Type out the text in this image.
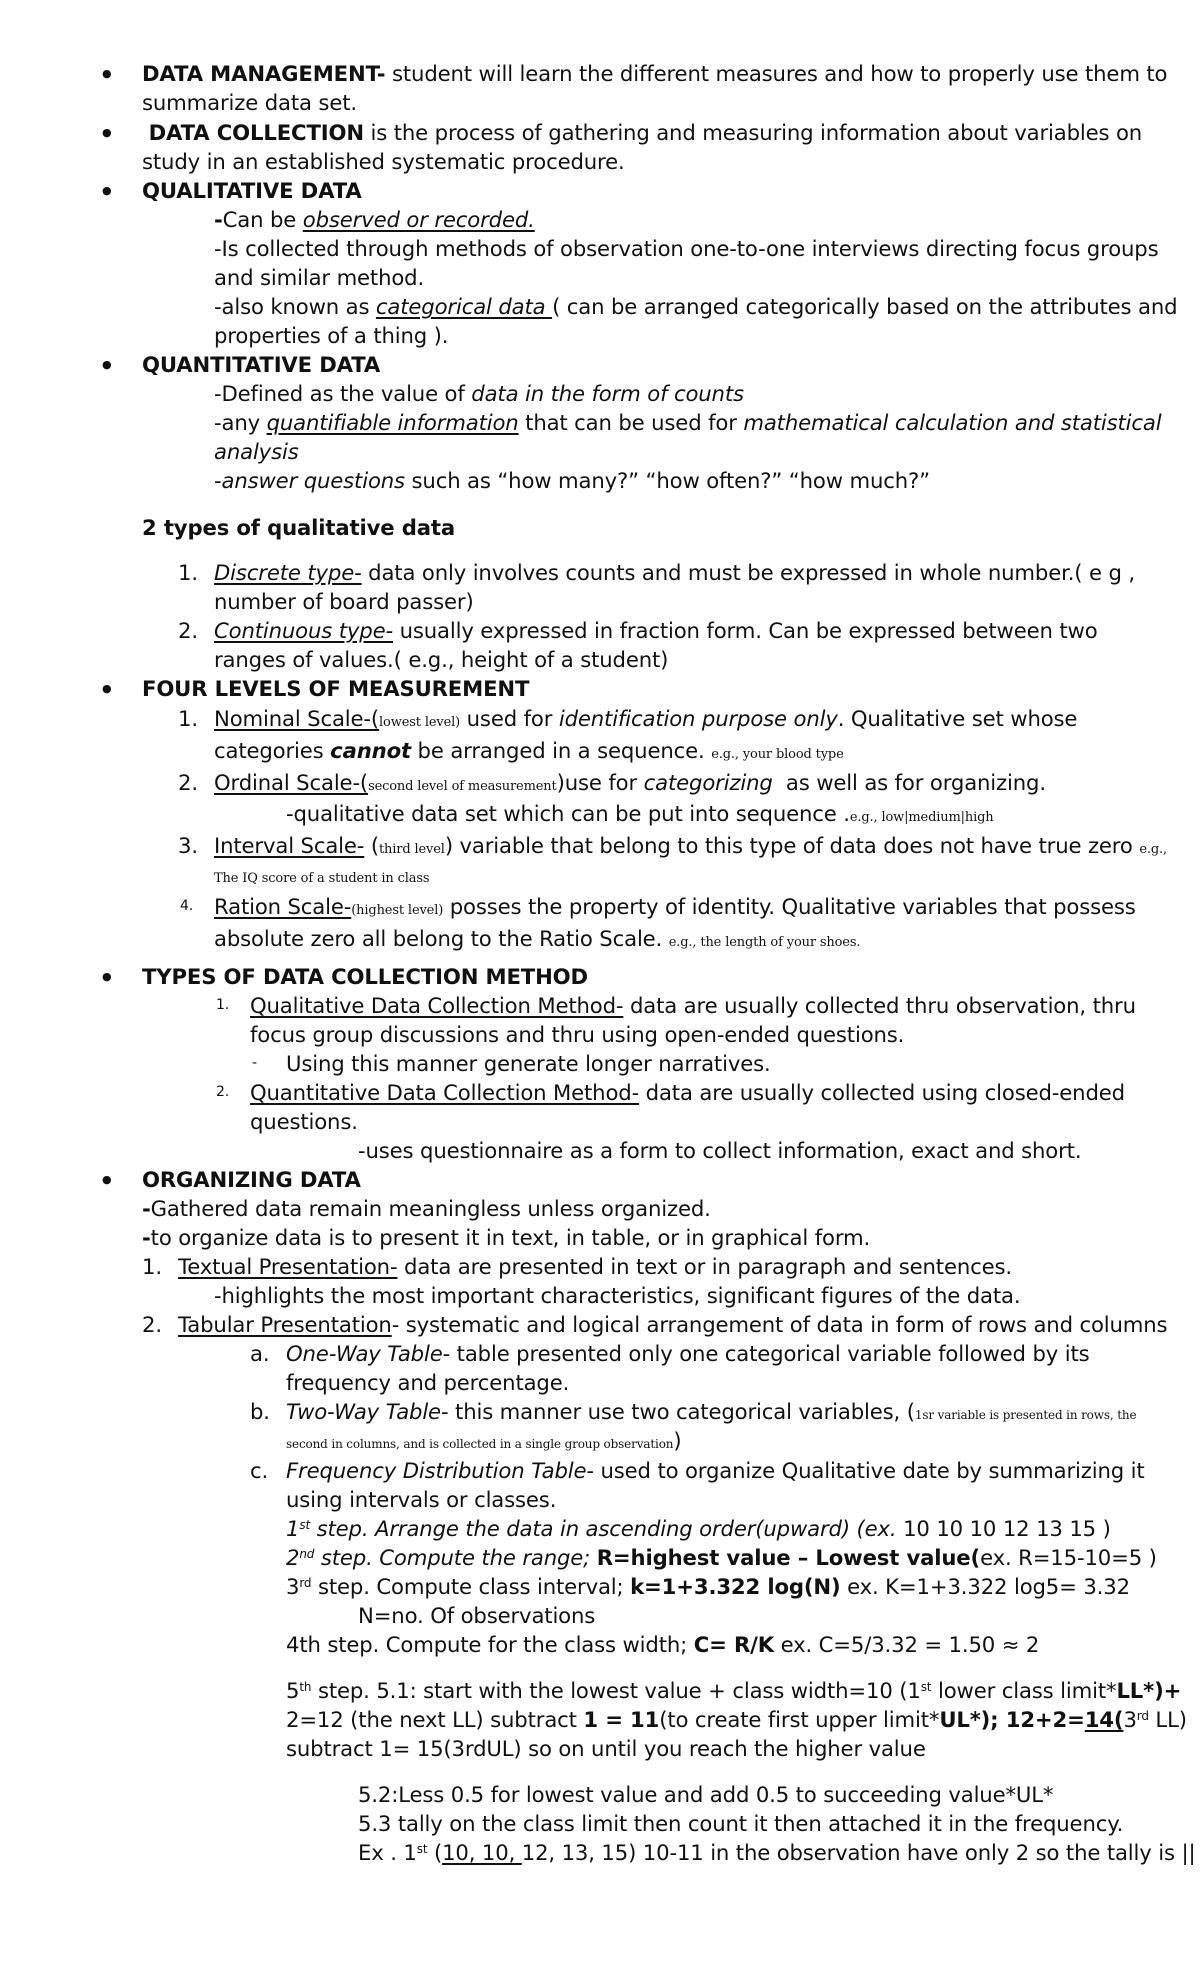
● DATA MANAGEMENT- student will learn the different measures and how to properly use them to
summarize data set.
●  DATA COLLECTION is the process of gathering and measuring information about variables on
study in an established systematic procedure.
● QUALITATIVE DATA
-Can be observed or recorded.
-Is collected through methods of observation one-to-one interviews directing focus groups
and similar method.
-also known as categorical data ( can be arranged categorically based on the attributes and
properties of a thing ).
● QUANTITATIVE DATA
-Defined as the value of data in the form of counts
-any quantifiable information that can be used for mathematical calculation and statistical
analysis
-answer questions such as “how many?” “how often?” “how much?”
2 types of qualitative data
1. Discrete type- data only involves counts and must be expressed in whole number.( e g ,
number of board passer)
2. Continuous type- usually expressed in fraction form. Can be expressed between two
ranges of values.( e.g., height of a student)
● FOUR LEVELS OF MEASUREMENT
1. Nominal Scale-(lowest level) used for identification purpose only. Qualitative set whose
categories cannot be arranged in a sequence. e.g., your blood type
2. Ordinal Scale-(second level of measurement)use for categorizing  as well as for organizing.
-qualitative data set which can be put into sequence .e.g., low|medium|high
3. Interval Scale- (third level) variable that belong to this type of data does not have true zero e.g.,
The IQ score of a student in class
4. Ration Scale-(highest level) posses the property of identity. Qualitative variables that possess
absolute zero all belong to the Ratio Scale. e.g., the length of your shoes.
● TYPES OF DATA COLLECTION METHOD
1. Qualitative Data Collection Method- data are usually collected thru observation, thru
focus group discussions and thru using open-ended questions.
- Using this manner generate longer narratives.
2. Quantitative Data Collection Method- data are usually collected using closed-ended
questions.
-uses questionnaire as a form to collect information, exact and short.
● ORGANIZING DATA
-Gathered data remain meaningless unless organized.
-to organize data is to present it in text, in table, or in graphical form.
1. Textual Presentation- data are presented in text or in paragraph and sentences.
-highlights the most important characteristics, significant figures of the data.
2. Tabular Presentation- systematic and logical arrangement of data in form of rows and columns
a. One-Way Table- table presented only one categorical variable followed by its
frequency and percentage.
b. Two-Way Table- this manner use two categorical variables, (1sr variable is presented in rows, the
second in columns, and is collected in a single group observation)
c. Frequency Distribution Table- used to organize Qualitative date by summarizing it
using intervals or classes.
1st step. Arrange the data in ascending order(upward) (ex. 10 10 10 12 13 15 )
2nd step. Compute the range; R=highest value – Lowest value(ex. R=15-10=5 )
3rd step. Compute class interval; k=1+3.322 log(N) ex. K=1+3.322 log5= 3.32
N=no. Of observations
4th step. Compute for the class width; C= R/K ex. C=5/3.32 = 1.50 ≈ 2
5th step. 5.1: start with the lowest value + class width=10 (1st lower class limit*LL*)+
2=12 (the next LL) subtract 1 = 11(to create first upper limit*UL*); 12+2=14(3rd LL)
subtract 1= 15(3rdUL) so on until you reach the higher value
5.2:Less 0.5 for lowest value and add 0.5 to succeeding value*UL*
5.3 tally on the class limit then count it then attached it in the frequency.
Ex . 1st (10, 10, 12, 13, 15) 10-11 in the observation have only 2 so the tally is ||
